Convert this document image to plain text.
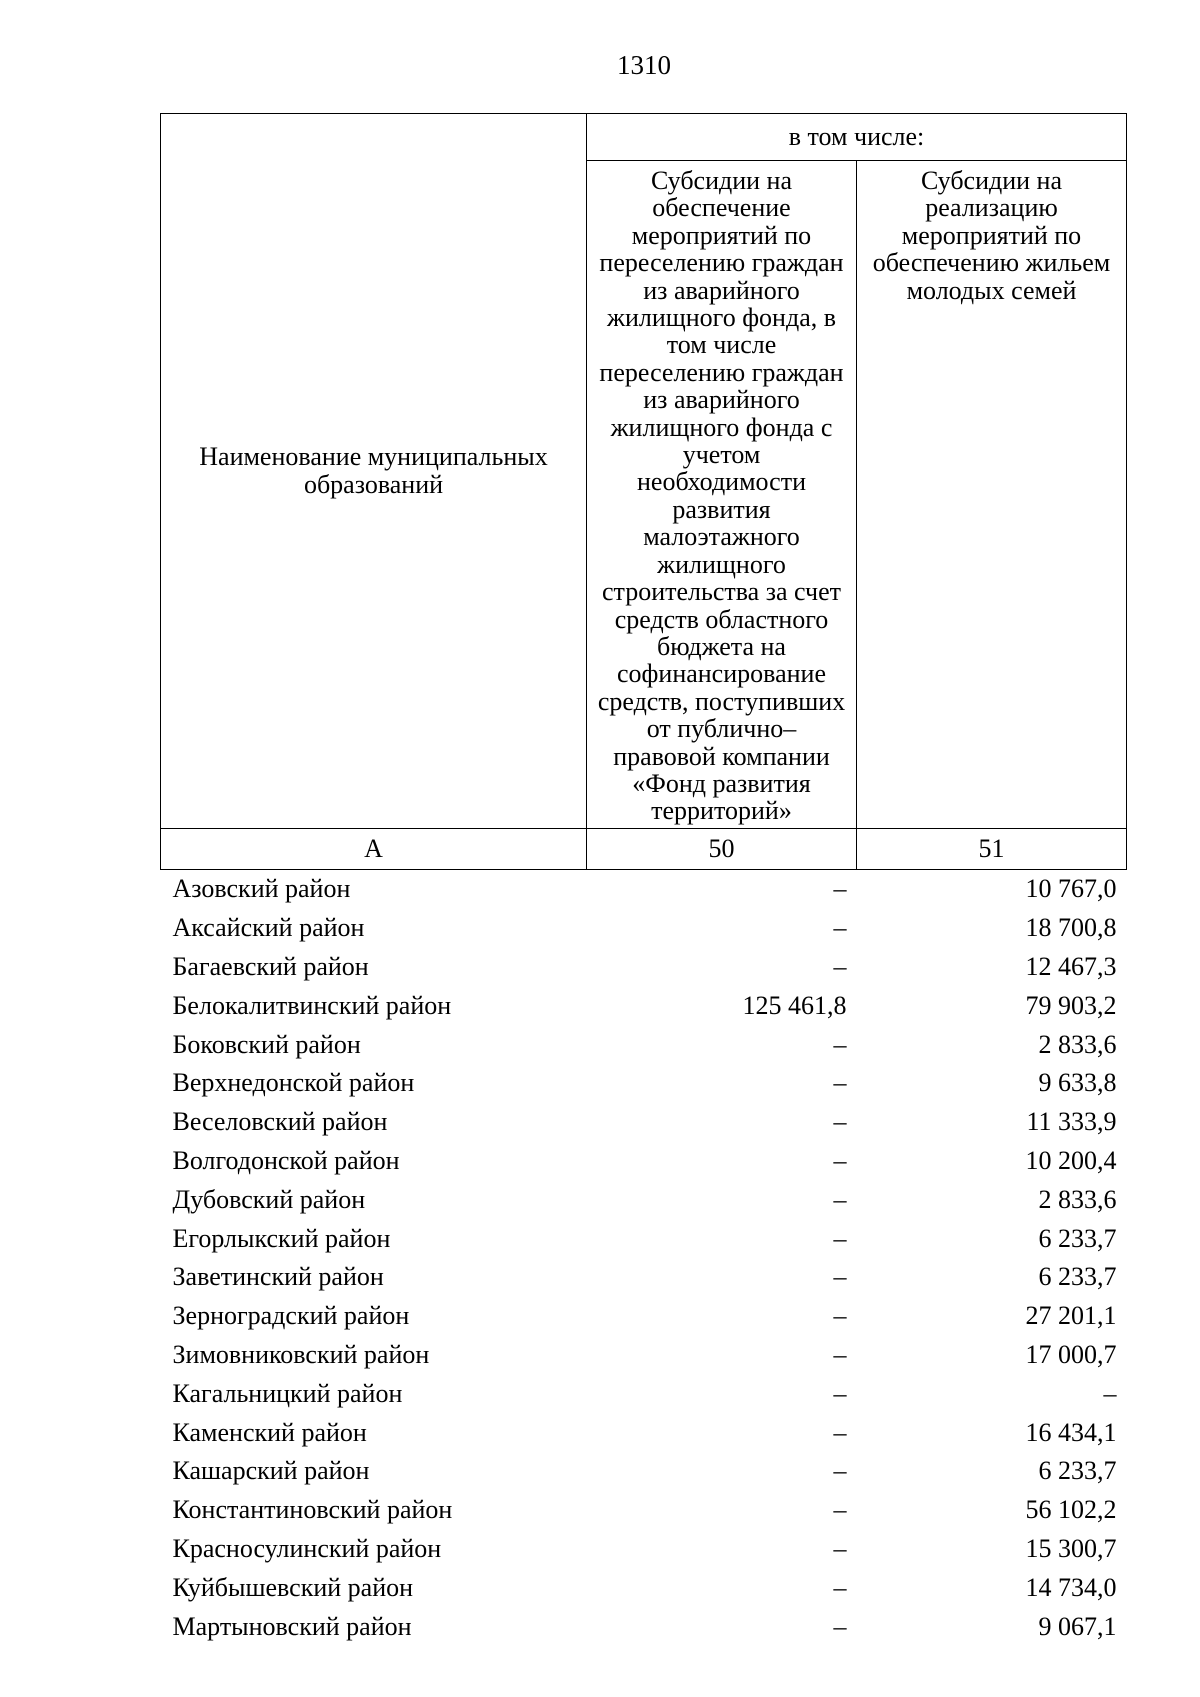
1310
Наименование муниципальных образований	в том числе:	
	Субсидии на обеспечение мероприятий по переселению граждан из аварийного жилищного фонда, в том числе переселению граждан из аварийного жилищного фонда с учетом необходимости развития малоэтажного жилищного строительства за счет средств областного бюджета на софинансирование средств, поступивших от публично–правовой компании «Фонд развития территорий»	Субсидии на реализацию мероприятий по обеспечению жильем молодых семей
А	50	51
Азовский район	–	10 767,0
Аксайский район	–	18 700,8
Багаевский район	–	12 467,3
Белокалитвинский район	125 461,8	79 903,2
Боковский район	–	2 833,6
Верхнедонской район	–	9 633,8
Веселовский район	–	11 333,9
Волгодонской район	–	10 200,4
Дубовский район	–	2 833,6
Егорлыкский район	–	6 233,7
Заветинский район	–	6 233,7
Зерноградский район	–	27 201,1
Зимовниковский район	–	17 000,7
Кагальницкий район	–	–
Каменский район	–	16 434,1
Кашарский район	–	6 233,7
Константиновский район	–	56 102,2
Красносулинский район	–	15 300,7
Куйбышевский район	–	14 734,0
Мартыновский район	–	9 067,1
